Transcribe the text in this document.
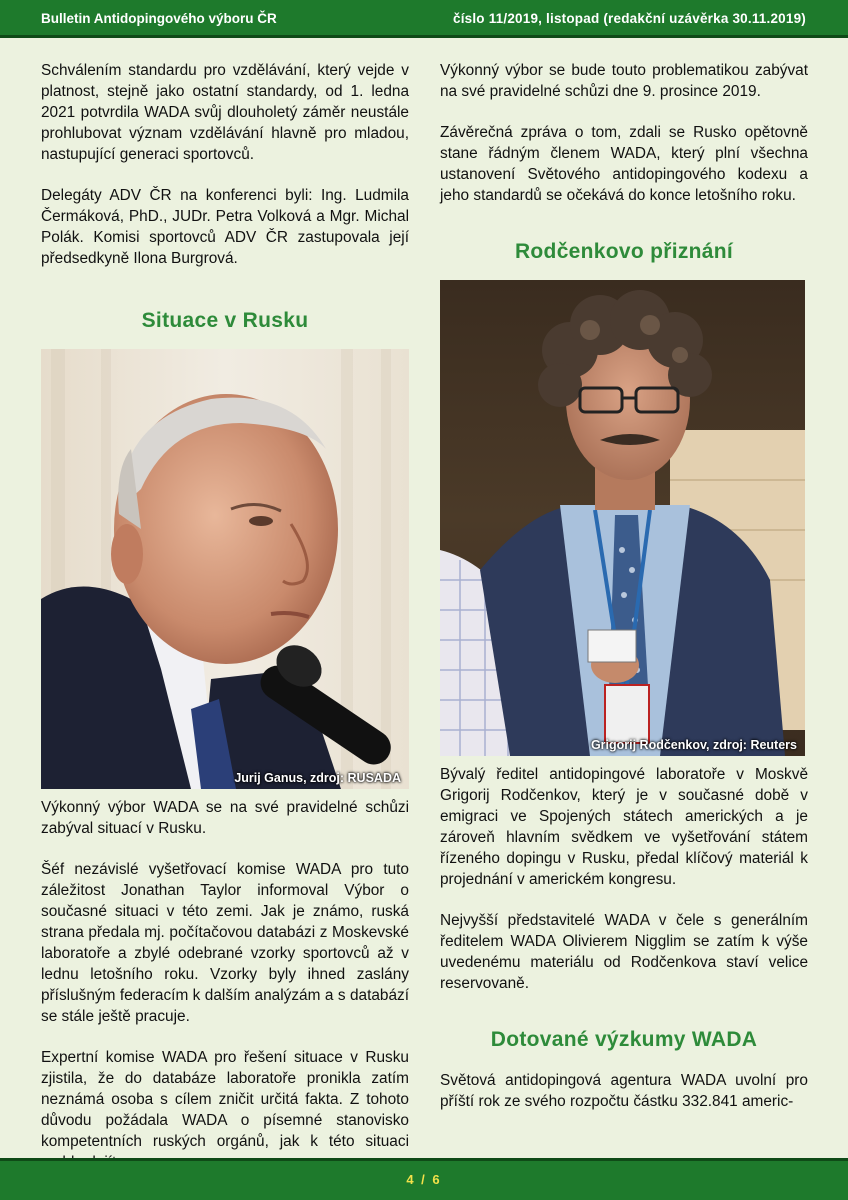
Bulletin Antidopingového výboru ČR	číslo 11/2019, listopad (redakční uzávěrka 30.11.2019)

Schválením standardu pro vzdělávání, který vejde v platnost, stejně jako ostatní standardy, od 1. ledna 2021 potvrdila WADA svůj dlouholetý záměr neustále prohlubovat význam vzdělávání hlavně pro mladou, nastupující generaci sportovců.

Delegáty ADV ČR na konferenci byli: Ing. Ludmila Čermáková, PhD., JUDr. Petra Volková a Mgr. Michal Polák. Komisi sportovců ADV ČR zastupovala její předsedkyně Ilona Burgrová.

Situace v Rusku
Jurij Ganus, zdroj: RUSADA

Výkonný výbor WADA se na své pravidelné schůzi zabýval situací v Rusku.

Šéf nezávislé vyšetřovací komise WADA pro tuto záležitost Jonathan Taylor informoval Výbor o současné situaci v této zemi. Jak je známo, ruská strana předala mj. počítačovou databázi z Moskevské laboratoře a zbylé odebrané vzorky sportovců až v lednu letošního roku. Vzorky byly ihned zaslány příslušným federacím k dalším analýzám a s databází se stále ještě pracuje.

Expertní komise WADA pro řešení situace v Rusku zjistila, že do databáze laboratoře pronikla zatím neznámá osoba s cílem zničit určitá fakta. Z tohoto důvodu požádala WADA o písemné stanovisko kompetentních ruských orgánů, jak k této situaci

Výkonný výbor se bude touto problematikou zabývat na své pravidelné schůzi dne 9. prosince 2019.

Závěrečná zpráva o tom, zdali se Rusko opětovně stane řádným členem WADA, který plní všechna ustanovení Světového antidopingového kodexu a jeho standardů se očekává do konce letošního roku.

Rodčenkovo přiznání
Grigorij Rodčenkov, zdroj: Reuters

Bývalý ředitel antidopingové laboratoře v Moskvě Grigorij Rodčenkov, který je v současné době v emigraci ve Spojených státech amerických a je zároveň hlavním svědkem ve vyšetřování státem řízeného dopingu v Rusku, předal klíčový materiál k projednání v americkém kongresu.

Nejvyšší představitelé WADA v čele s generálním ředitelem WADA Olivierem Nigglim se zatím k výše uvedenému materiálu od Rodčenkova staví velice reservovaně.

Dotované výzkumy WADA

Světová antidopingová agentura WADA uvolní pro příští rok ze svého rozpočtu částku 332.841 americ-

4 / 6
